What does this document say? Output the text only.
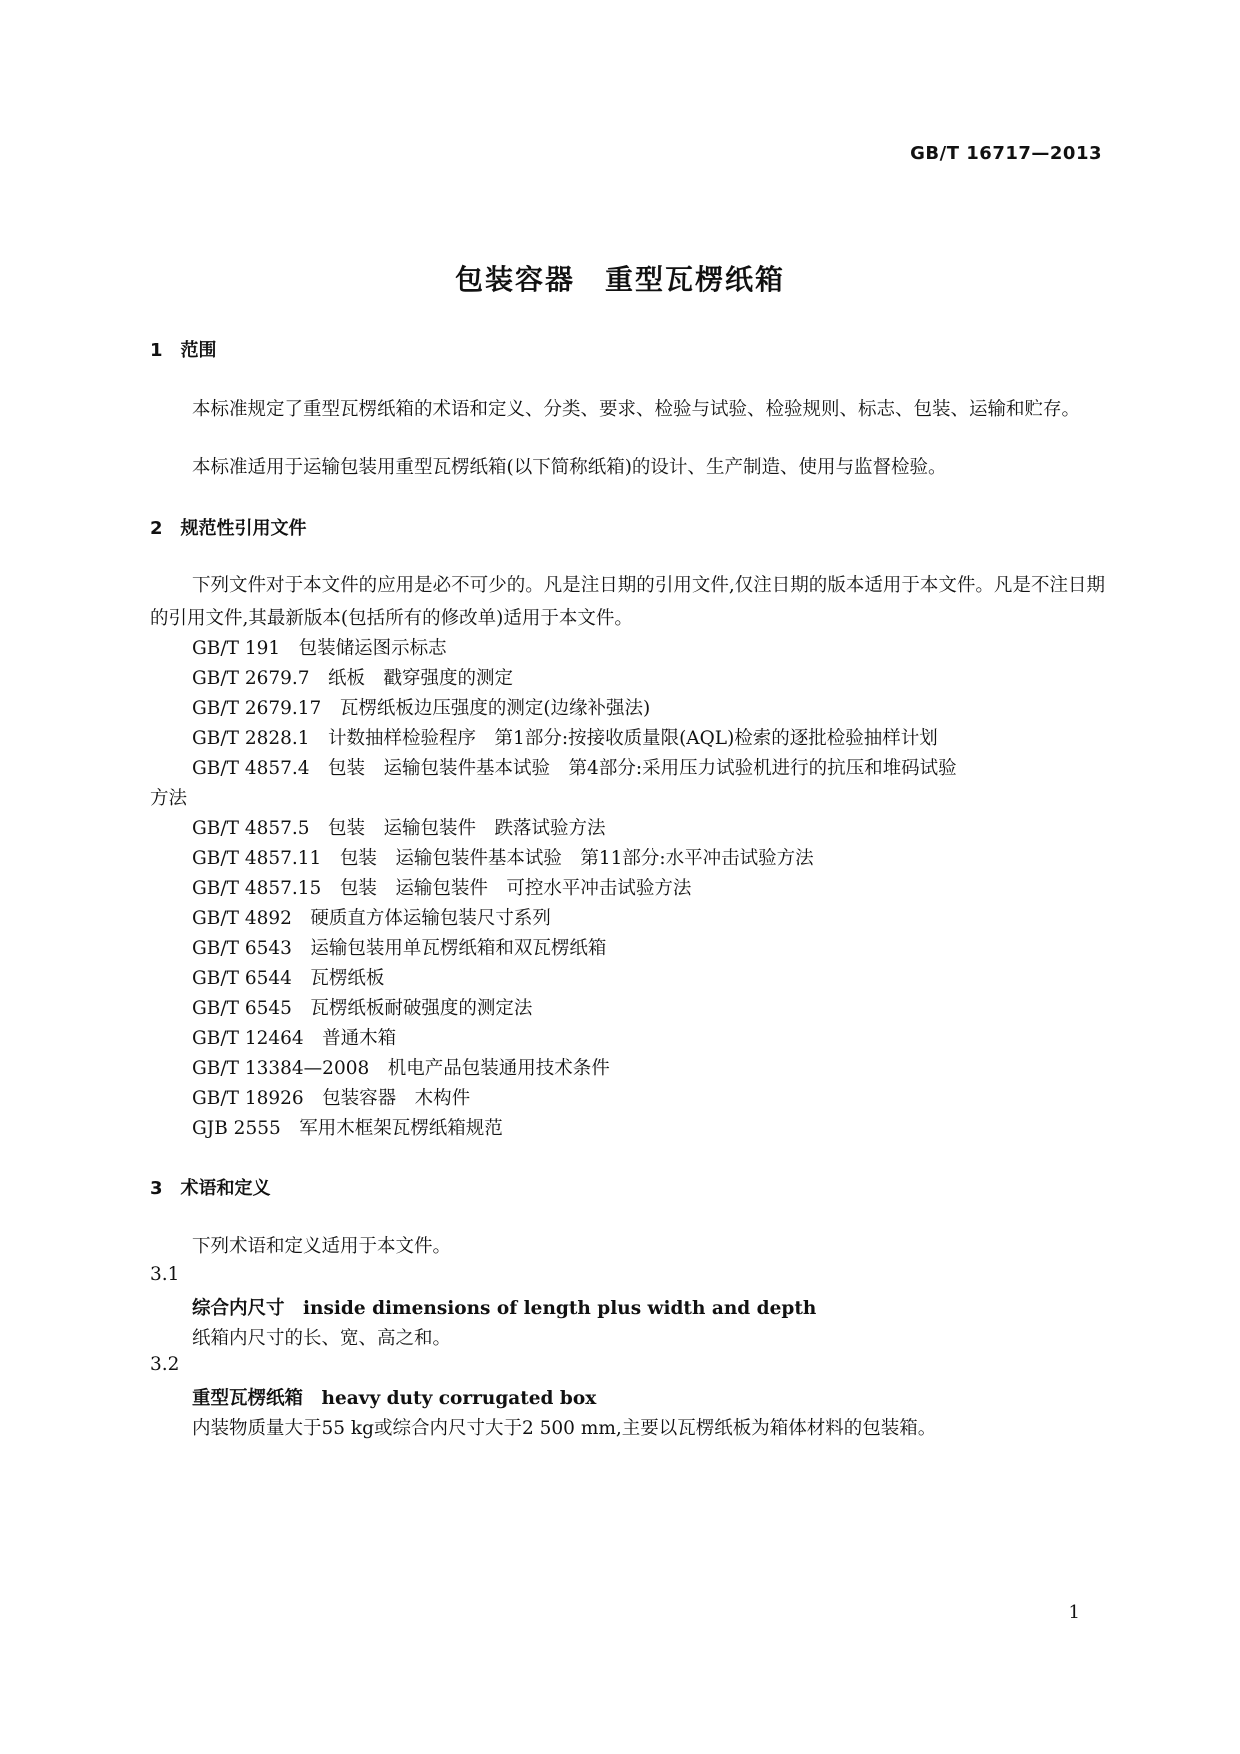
GB/T 16717—2013
包装容器　重型瓦楞纸箱
1　范围
本标准规定了重型瓦楞纸箱的术语和定义、分类、要求、检验与试验、检验规则、标志、包装、运输和贮存。
本标准适用于运输包装用重型瓦楞纸箱(以下简称纸箱)的设计、生产制造、使用与监督检验。
2　规范性引用文件
下列文件对于本文件的应用是必不可少的。凡是注日期的引用文件,仅注日期的版本适用于本文件。凡是不注日期的引用文件,其最新版本(包括所有的修改单)适用于本文件。
GB/T 191　包装储运图示标志
GB/T 2679.7　纸板　戳穿强度的测定
GB/T 2679.17　瓦楞纸板边压强度的测定(边缘补强法)
GB/T 2828.1　计数抽样检验程序　第1部分:按接收质量限(AQL)检索的逐批检验抽样计划
GB/T 4857.4　包装　运输包装件基本试验　第4部分:采用压力试验机进行的抗压和堆码试验
方法
GB/T 4857.5　包装　运输包装件　跌落试验方法
GB/T 4857.11　包装　运输包装件基本试验　第11部分:水平冲击试验方法
GB/T 4857.15　包装　运输包装件　可控水平冲击试验方法
GB/T 4892　硬质直方体运输包装尺寸系列
GB/T 6543　运输包装用单瓦楞纸箱和双瓦楞纸箱
GB/T 6544　瓦楞纸板
GB/T 6545　瓦楞纸板耐破强度的测定法
GB/T 12464　普通木箱
GB/T 13384—2008　机电产品包装通用技术条件
GB/T 18926　包装容器　木构件
GJB 2555　军用木框架瓦楞纸箱规范
3　术语和定义
下列术语和定义适用于本文件。
3.1
综合内尺寸　inside dimensions of length plus width and depth
纸箱内尺寸的长、宽、高之和。
3.2
重型瓦楞纸箱　heavy duty corrugated box
内装物质量大于55 kg或综合内尺寸大于2 500 mm,主要以瓦楞纸板为箱体材料的包装箱。
1
